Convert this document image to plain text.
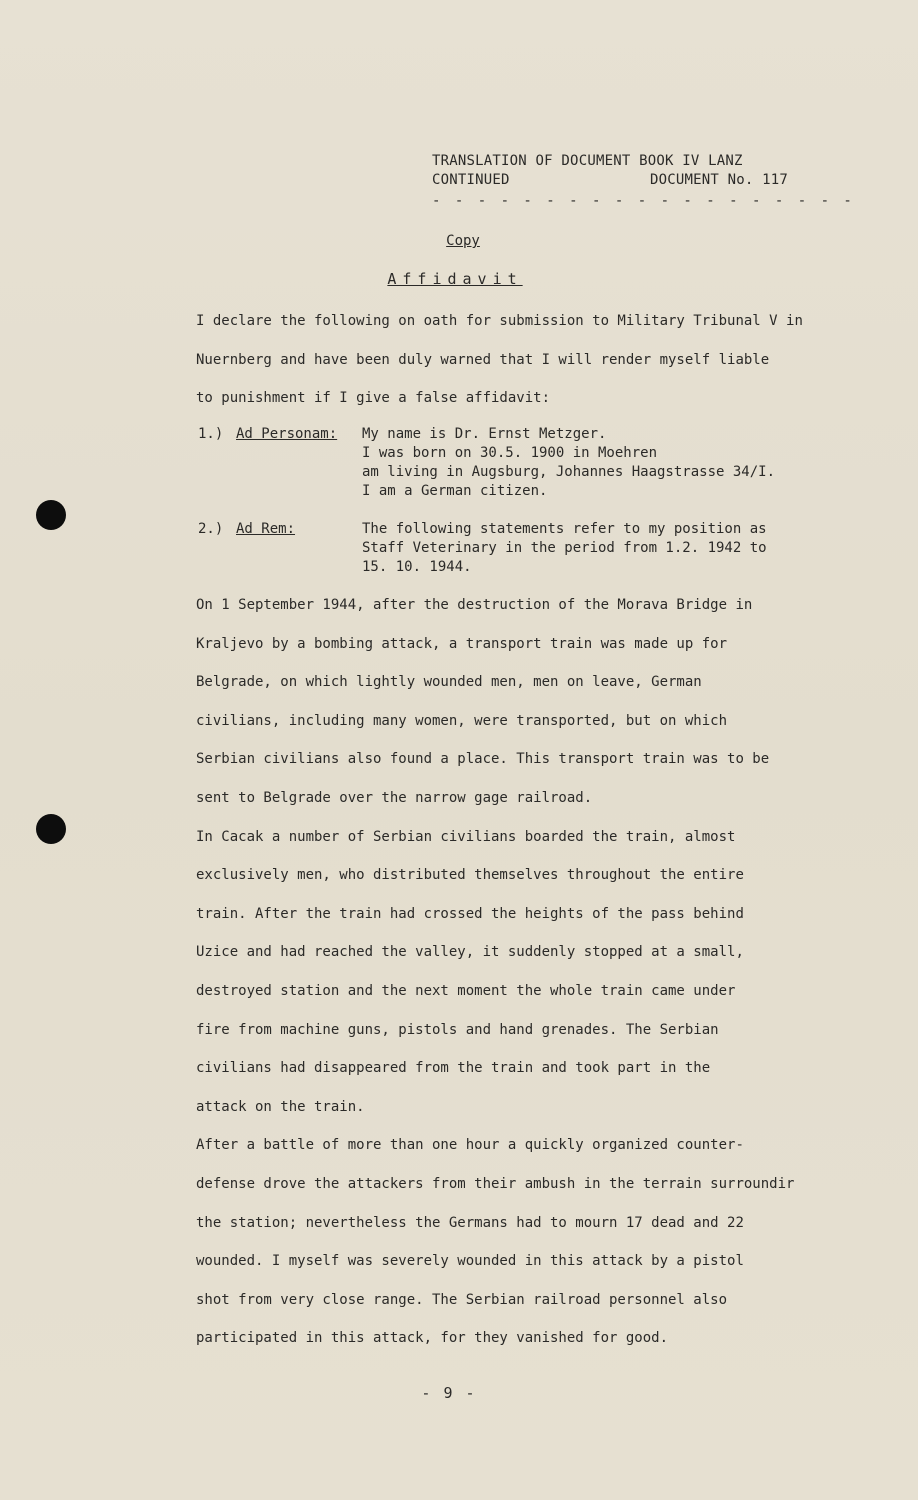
TRANSLATION OF DOCUMENT BOOK IV LANZ
CONTINUED	DOCUMENT No. 117
- - - - - - - - - - - - - - - - - - -
Copy
Affidavit

I declare the following on oath for submission to Military Tribunal V in

Nuernberg and have been duly warned that I will render myself liable

to punishment if I give a false affidavit:

1.) Ad Personam:	My name is Dr. Ernst Metzger.

I was born on 30.5. 1900 in Moehren

am living in Augsburg, Johannes Haagstrasse 34/I.

I am a German citizen.

2.) Ad Rem:	The following statements refer to my position as

Staff Veterinary in the period from 1.2. 1942 to

15. 10. 1944.

On 1 September 1944, after the destruction of the Morava Bridge in

Kraljevo by a bombing attack, a transport train was made up for

Belgrade, on which lightly wounded men, men on leave, German

civilians, including many women, were transported, but on which

Serbian civilians also found a place. This transport train was to be

sent to Belgrade over the narrow gage railroad.

In Cacak a number of Serbian civilians boarded the train, almost

exclusively men, who distributed themselves throughout the entire

train. After the train had crossed the heights of the pass behind

Uzice and had reached the valley, it suddenly stopped at a small,

destroyed station and the next moment the whole train came under

fire from machine guns, pistols and hand grenades. The Serbian

civilians had disappeared from the train and took part in the

attack on the train.

After a battle of more than one hour a quickly organized counter-

defense drove the attackers from their ambush in the terrain surroundir

the station; nevertheless the Germans had to mourn 17 dead and 22

wounded. I myself was severely wounded in this attack by a pistol

shot from very close range. The Serbian railroad personnel also

participated in this attack, for they vanished for good.

- 9 -
